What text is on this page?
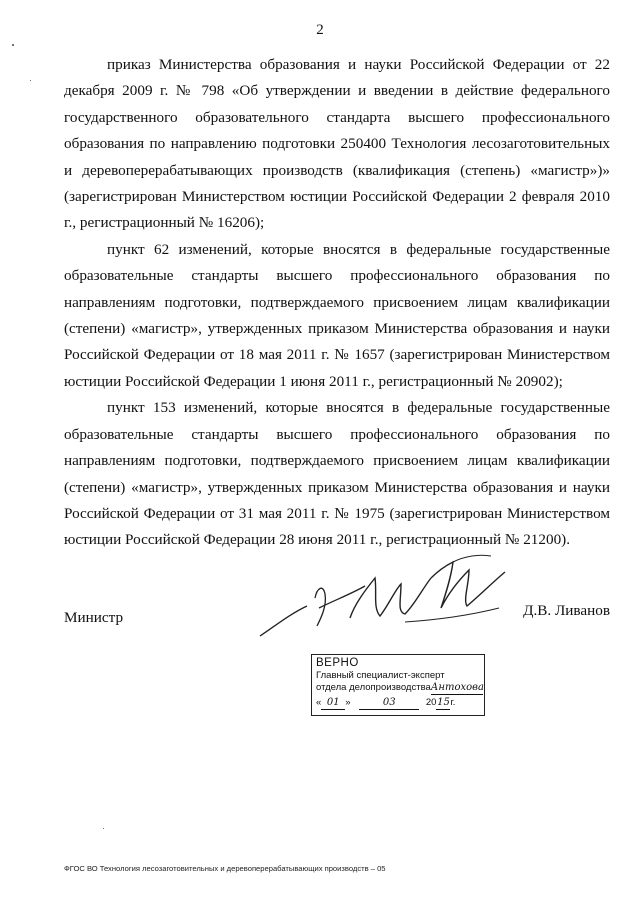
2

приказ Министерства образования и науки Российской Федерации от 22 декабря 2009 г. № 798 «Об утверждении и введении в действие федерального государственного образовательного стандарта высшего профессионального образования по направлению подготовки 250400 Технология лесозаготовительных и деревоперерабатывающих производств (квалификация (степень) «магистр»)» (зарегистрирован Министерством юстиции Российской Федерации 2 февраля 2010 г., регистрационный № 16206);

пункт 62 изменений, которые вносятся в федеральные государственные образовательные стандарты высшего профессионального образования по направлениям подготовки, подтверждаемого присвоением лицам квалификации (степени) «магистр», утвержденных приказом Министерства образования и науки Российской Федерации от 18 мая 2011 г. № 1657 (зарегистрирован Министерством юстиции Российской Федерации 1 июня 2011 г., регистрационный № 20902);

пункт 153 изменений, которые вносятся в федеральные государственные образовательные стандарты высшего профессионального образования по направлениям подготовки, подтверждаемого присвоением лицам квалификации (степени) «магистр», утвержденных приказом Министерства образования и науки Российской Федерации от 31 мая 2011 г. № 1975 (зарегистрирован Министерством юстиции Российской Федерации 28 июня 2011 г., регистрационный № 21200).

Министр	Д.В. Ливанов
ВЕРНО
Главный специалист-эксперт
отдела делопроизводстваАнтохова
« 01 »	03	2015г.
ФГОС ВО Технология лесозаготовительных и деревоперерабатывающих производств – 05
